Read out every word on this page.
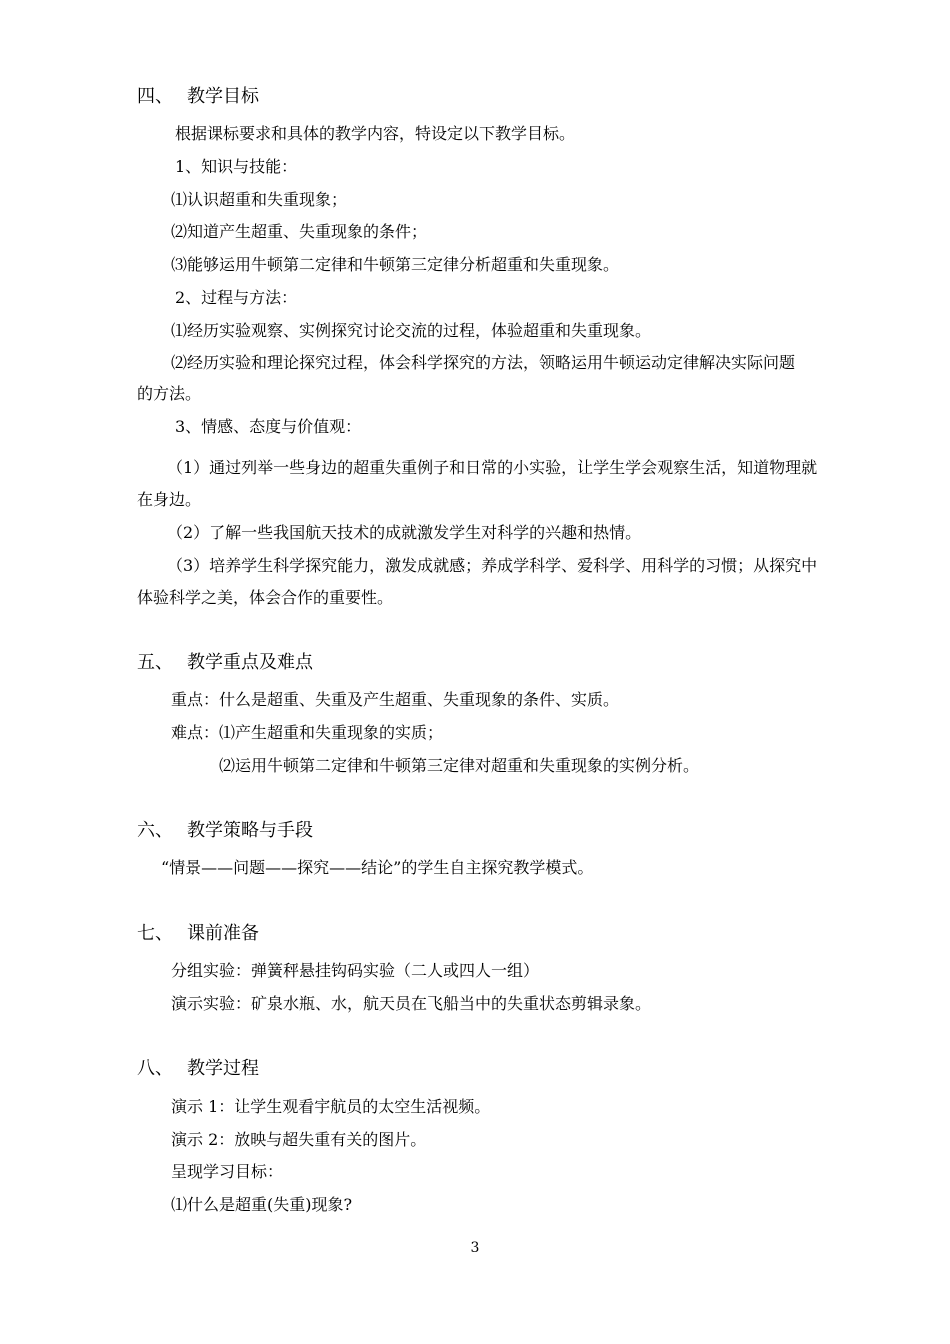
四、 教学目标
根据课标要求和具体的教学内容，特设定以下教学目标。
1、知识与技能：
⑴认识超重和失重现象；
⑵知道产生超重、失重现象的条件；
⑶能够运用牛顿第二定律和牛顿第三定律分析超重和失重现象。
2、过程与方法：
⑴经历实验观察、实例探究讨论交流的过程，体验超重和失重现象。
⑵经历实验和理论探究过程，体会科学探究的方法，领略运用牛顿运动定律解决实际问题
的方法。
3、情感、态度与价值观：
（1）通过列举一些身边的超重失重例子和日常的小实验，让学生学会观察生活，知道物理就
在身边。
（2）了解一些我国航天技术的成就激发学生对科学的兴趣和热情。
（3）培养学生科学探究能力，激发成就感；养成学科学、爱科学、用科学的习惯；从探究中
体验科学之美，体会合作的重要性。
五、 教学重点及难点
重点：什么是超重、失重及产生超重、失重现象的条件、实质。
难点：⑴产生超重和失重现象的实质；
⑵运用牛顿第二定律和牛顿第三定律对超重和失重现象的实例分析。
六、 教学策略与手段
“情景——问题——探究——结论”的学生自主探究教学模式。
七、 课前准备
分组实验：弹簧秤悬挂钩码实验（二人或四人一组）
演示实验：矿泉水瓶、水，航天员在飞船当中的失重状态剪辑录象。
八、 教学过程
演示 1：让学生观看宇航员的太空生活视频。
演示 2：放映与超失重有关的图片。
呈现学习目标：
⑴什么是超重(失重)现象?
3
